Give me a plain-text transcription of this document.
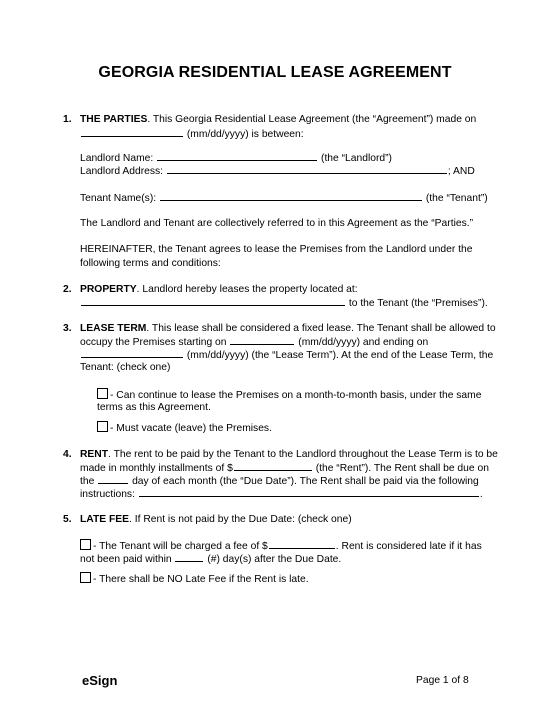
GEORGIA RESIDENTIAL LEASE AGREEMENT
1. THE PARTIES. This Georgia Residential Lease Agreement (the “Agreement”) made on
(mm/dd/yyyy) is between:
Landlord Name:	(the “Landlord”)
Landlord Address:	; AND
Tenant Name(s):	(the “Tenant”)
The Landlord and Tenant are collectively referred to in this Agreement as the “Parties.”
HEREINAFTER, the Tenant agrees to lease the Premises from the Landlord under the
following terms and conditions:
2. PROPERTY. Landlord hereby leases the property located at:
to the Tenant (the “Premises”).
3. LEASE TERM. This lease shall be considered a fixed lease. The Tenant shall be allowed to
occupy the Premises starting on	(mm/dd/yyyy) and ending on
(mm/dd/yyyy) (the “Lease Term”). At the end of the Lease Term, the
Tenant: (check one)
- Can continue to lease the Premises on a month-to-month basis, under the same
terms as this Agreement.
- Must vacate (leave) the Premises.
4. RENT. The rent to be paid by the Tenant to the Landlord throughout the Lease Term is to be
made in monthly installments of $	(the “Rent”). The Rent shall be due on
the	day of each month (the “Due Date”). The Rent shall be paid via the following
instructions:	.
5. LATE FEE. If Rent is not paid by the Due Date: (check one)
- The Tenant will be charged a fee of $	. Rent is considered late if it has
not been paid within	(#) day(s) after the Due Date.
- There shall be NO Late Fee if the Rent is late.
eSign	Page 1 of 8
